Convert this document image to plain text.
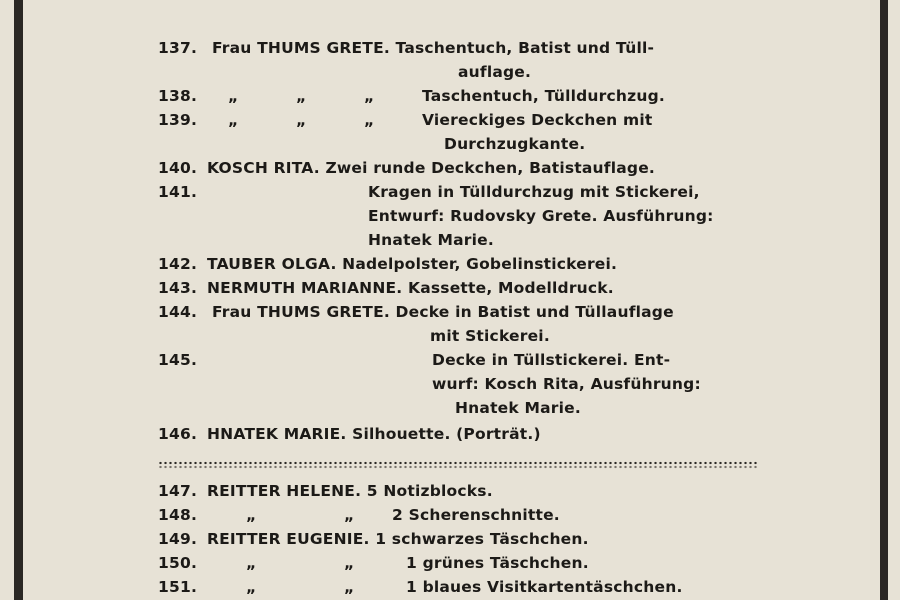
137. Frau THUMS GRETE. Taschentuch, Batist und Tüll-
auflage.
138. „ „ „	Taschentuch, Tülldurchzug.
139. „ „ „	Viereckiges Deckchen mit
Durchzugkante.
140. KOSCH RITA. Zwei runde Deckchen, Batistauflage.
141.	Kragen in Tülldurchzug mit Stickerei,
Entwurf: Rudovsky Grete. Ausführung:
Hnatek Marie.
142. TAUBER OLGA. Nadelpolster, Gobelinstickerei.
143. NERMUTH MARIANNE. Kassette, Modelldruck.
144. Frau THUMS GRETE. Decke in Batist und Tüllauflage
mit Stickerei.
145.	Decke in Tüllstickerei. Ent-
wurf: Kosch Rita, Ausführung:
Hnatek Marie.
146. HNATEK MARIE. Silhouette. (Porträt.)
147. REITTER HELENE. 5 Notizblocks.
148.	„ „ 2 Scherenschnitte.
149. REITTER EUGENIE. 1 schwarzes Täschchen.
150.	„ „	1 grünes Täschchen.
151.	„ „	1 blaues Visitkartentäschchen.
